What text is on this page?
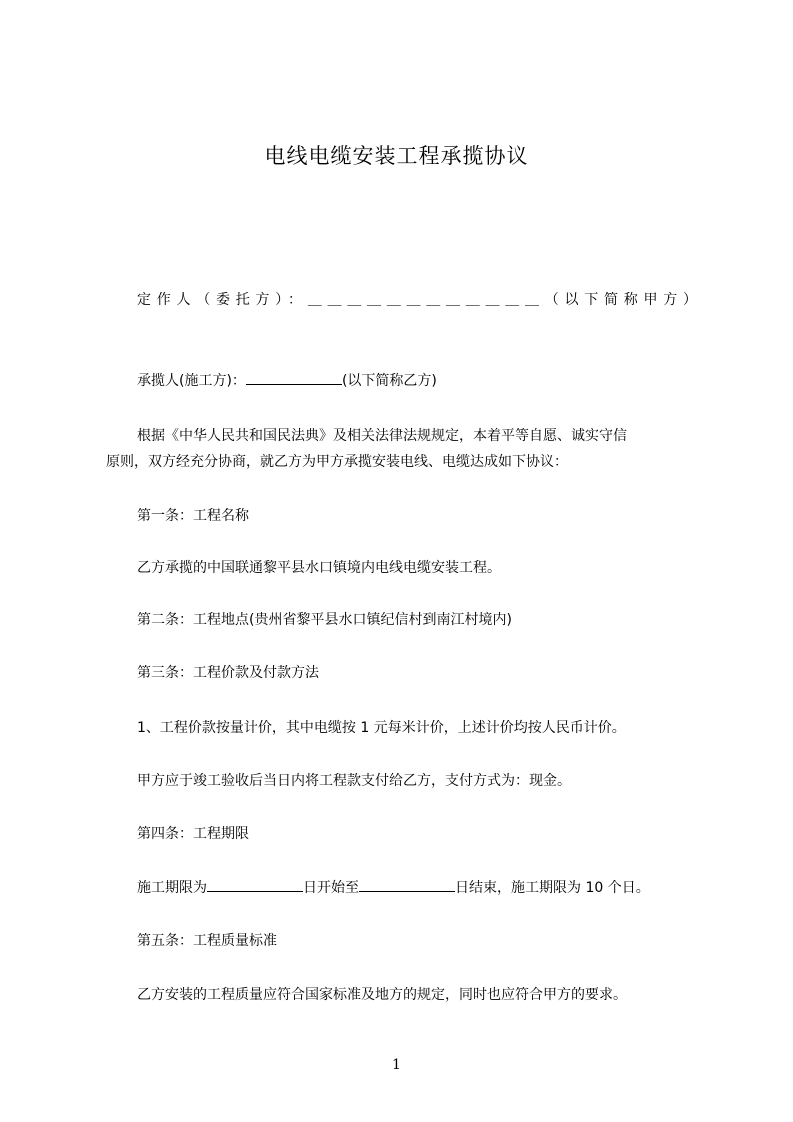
电线电缆安装工程承揽协议
定作人（委托方）：＿＿＿＿＿＿＿＿＿＿＿＿（以下简称甲方）
承揽人(施工方)：	(以下简称乙方)
根据《中华人民共和国民法典》及相关法律法规规定，本着平等自愿、诚实守信
原则，双方经充分协商，就乙方为甲方承揽安装电线、电缆达成如下协议：
第一条：工程名称
乙方承揽的中国联通黎平县水口镇境内电线电缆安装工程。
第二条：工程地点(贵州省黎平县水口镇纪信村到南江村境内)
第三条：工程价款及付款方法
1、工程价款按量计价，其中电缆按 1 元每米计价，上述计价均按人民币计价。
甲方应于竣工验收后当日内将工程款支付给乙方，支付方式为：现金。
第四条：工程期限
施工期限为	日开始至	日结束，施工期限为 10 个日。
第五条：工程质量标准
乙方安装的工程质量应符合国家标准及地方的规定，同时也应符合甲方的要求。
1
